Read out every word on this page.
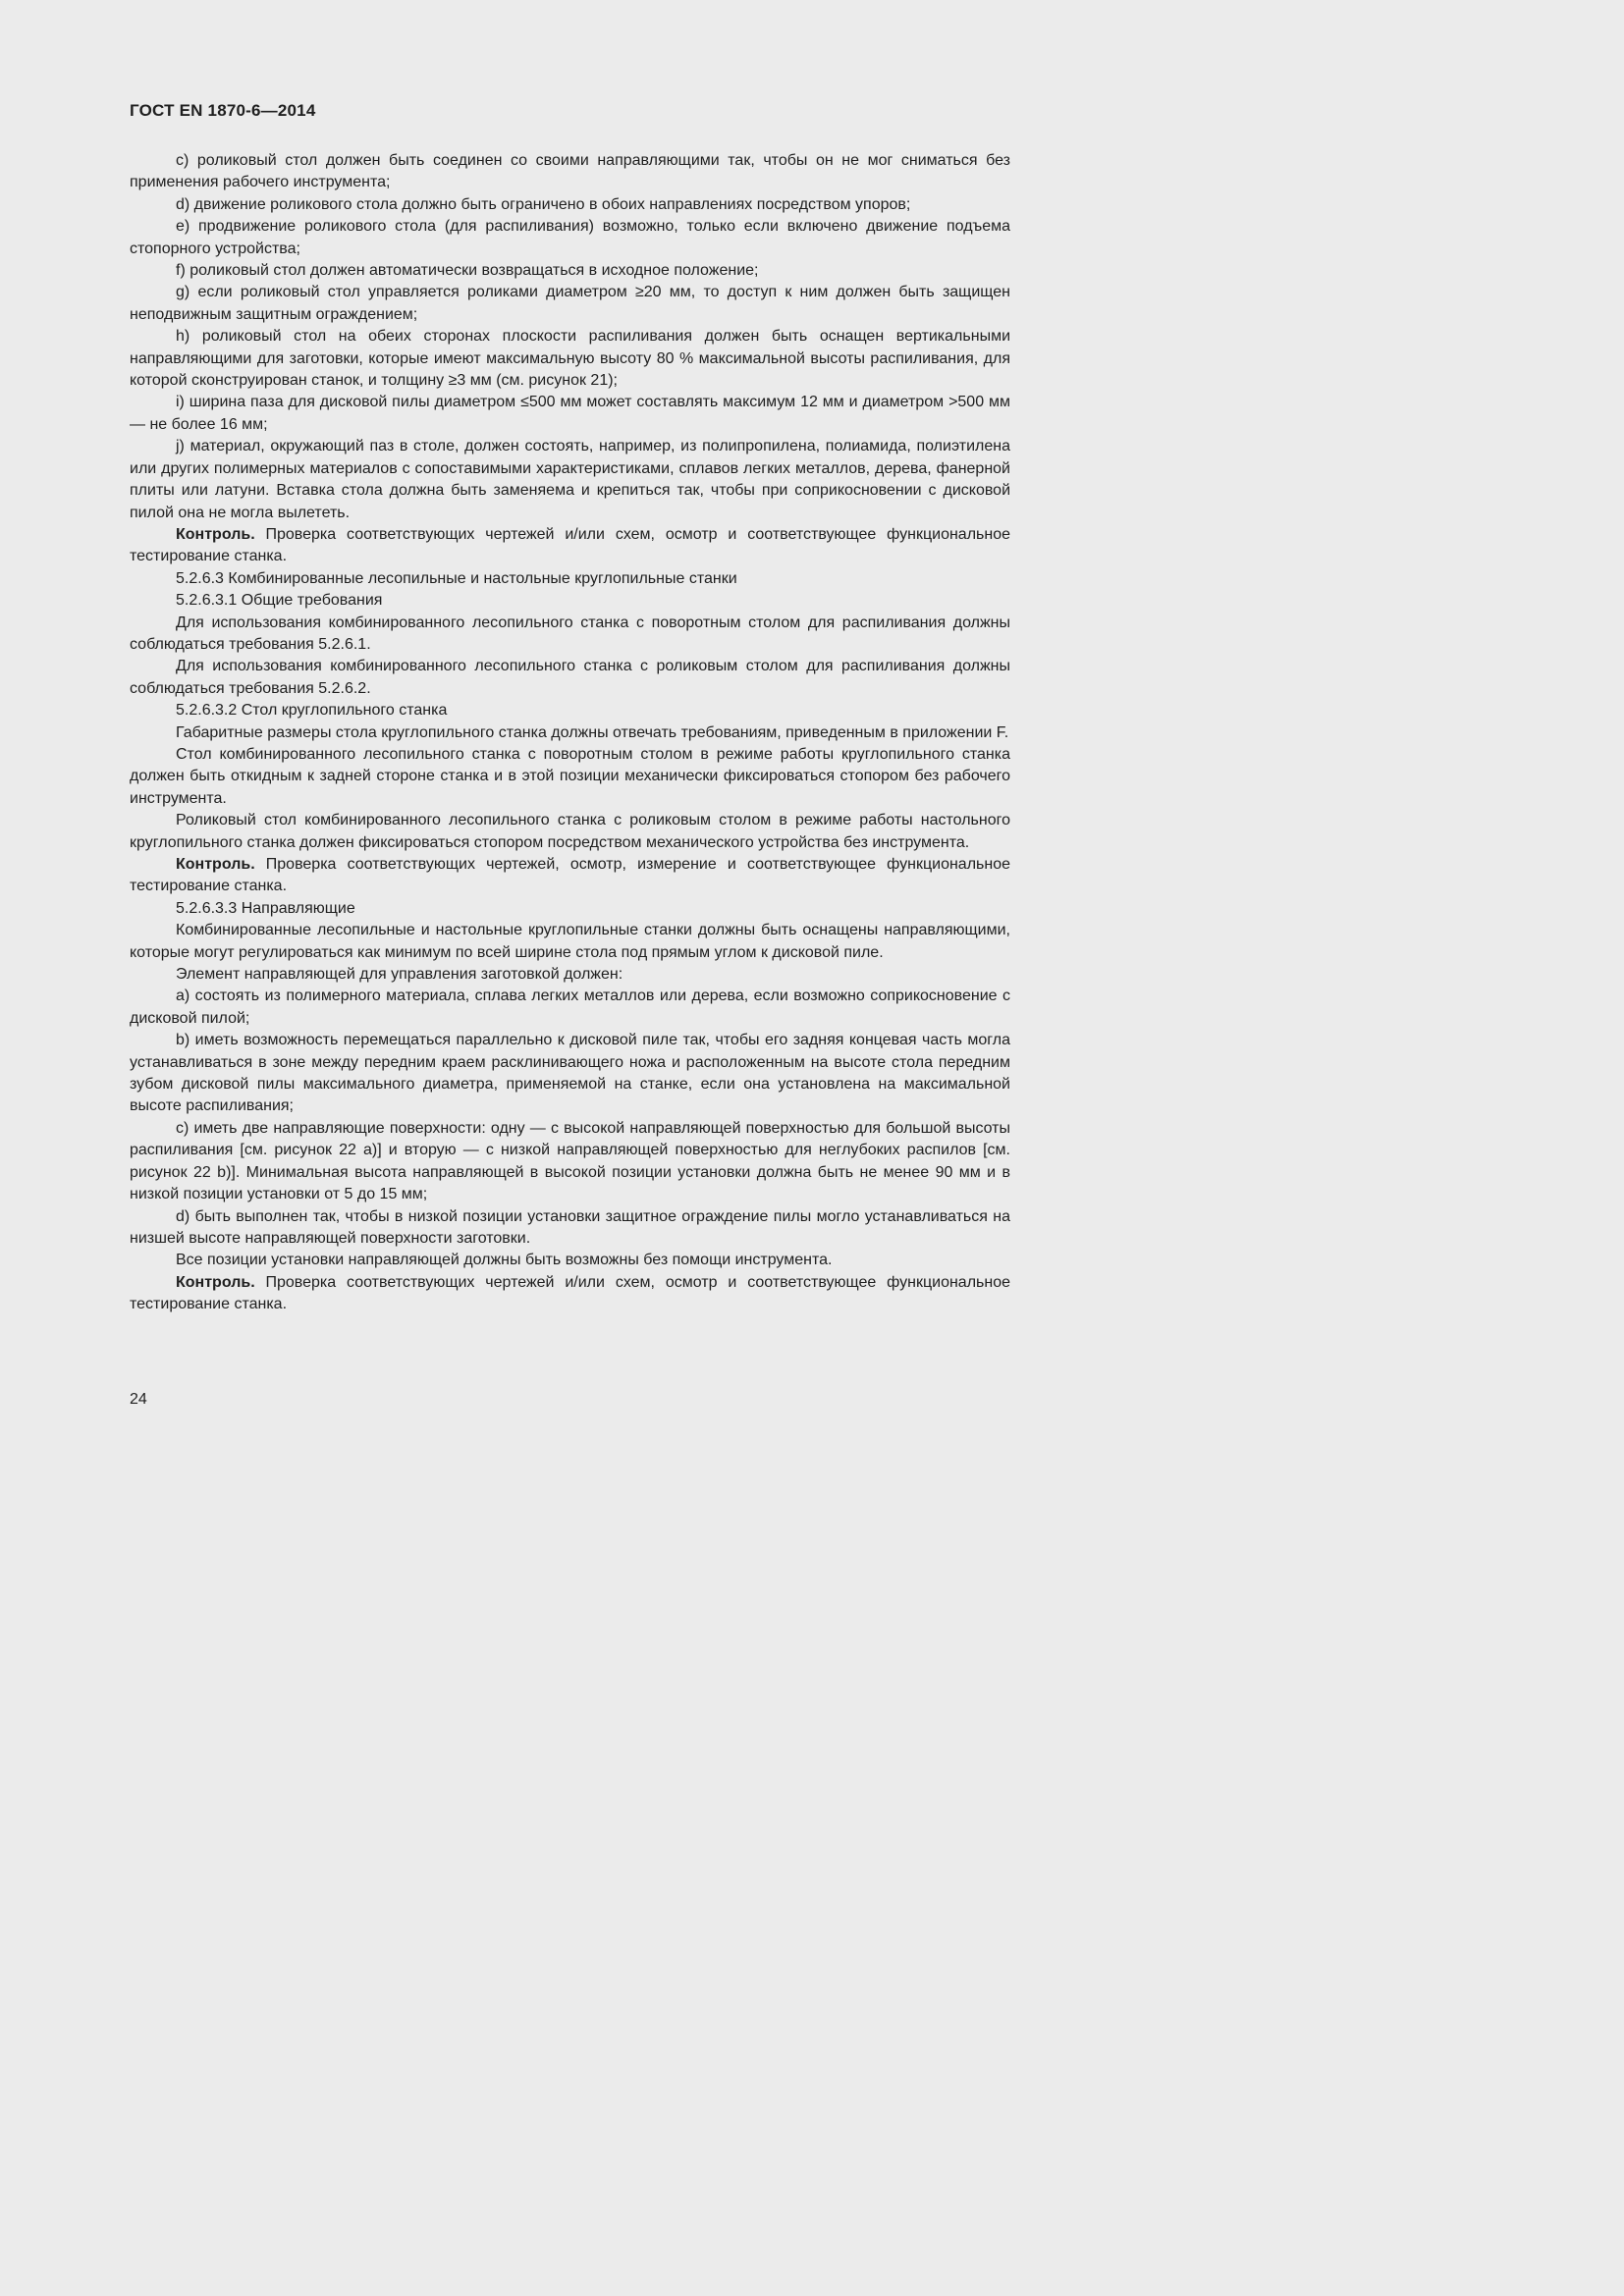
ГОСТ EN 1870-6—2014

c) роликовый стол должен быть соединен со своими направляющими так, чтобы он не мог сниматься без применения рабочего инструмента;

d) движение роликового стола должно быть ограничено в обоих направлениях посредством упоров;

e) продвижение роликового стола (для распиливания) возможно, только если включено движение подъема стопорного устройства;

f) роликовый стол должен автоматически возвращаться в исходное положение;

g) если роликовый стол управляется роликами диаметром ≥20 мм, то доступ к ним должен быть защищен неподвижным защитным ограждением;

h) роликовый стол на обеих сторонах плоскости распиливания должен быть оснащен вертикальными направляющими для заготовки, которые имеют максимальную высоту 80 % максимальной высоты распиливания, для которой сконструирован станок, и толщину ≥3 мм (см. рисунок 21);

i) ширина паза для дисковой пилы диаметром ≤500 мм может составлять максимум 12 мм и диаметром >500 мм — не более 16 мм;

j) материал, окружающий паз в столе, должен состоять, например, из полипропилена, полиамида, полиэтилена или других полимерных материалов с сопоставимыми характеристиками, сплавов легких металлов, дерева, фанерной плиты или латуни. Вставка стола должна быть заменяема и крепиться так, чтобы при соприкосновении с дисковой пилой она не могла вылететь.

Контроль. Проверка соответствующих чертежей и/или схем, осмотр и соответствующее функциональное тестирование станка.

5.2.6.3 Комбинированные лесопильные и настольные круглопильные станки

5.2.6.3.1 Общие требования

Для использования комбинированного лесопильного станка с поворотным столом для распиливания должны соблюдаться требования 5.2.6.1.

Для использования комбинированного лесопильного станка с роликовым столом для распиливания должны соблюдаться требования 5.2.6.2.

5.2.6.3.2 Стол круглопильного станка

Габаритные размеры стола круглопильного станка должны отвечать требованиям, приведенным в приложении F.

Стол комбинированного лесопильного станка с поворотным столом в режиме работы круглопильного станка должен быть откидным к задней стороне станка и в этой позиции механически фиксироваться стопором без рабочего инструмента.

Роликовый стол комбинированного лесопильного станка с роликовым столом в режиме работы настольного круглопильного станка должен фиксироваться стопором посредством механического устройства без инструмента.

Контроль. Проверка соответствующих чертежей, осмотр, измерение и соответствующее функциональное тестирование станка.

5.2.6.3.3 Направляющие

Комбинированные лесопильные и настольные круглопильные станки должны быть оснащены направляющими, которые могут регулироваться как минимум по всей ширине стола под прямым углом к дисковой пиле.

Элемент направляющей для управления заготовкой должен:

a) состоять из полимерного материала, сплава легких металлов или дерева, если возможно соприкосновение с дисковой пилой;

b) иметь возможность перемещаться параллельно к дисковой пиле так, чтобы его задняя концевая часть могла устанавливаться в зоне между передним краем расклинивающего ножа и расположенным на высоте стола передним зубом дисковой пилы максимального диаметра, применяемой на станке, если она установлена на максимальной высоте распиливания;

c) иметь две направляющие поверхности: одну — с высокой направляющей поверхностью для большой высоты распиливания [см. рисунок 22 a)] и вторую — с низкой направляющей поверхностью для неглубоких распилов [см. рисунок 22 b)]. Минимальная высота направляющей в высокой позиции установки должна быть не менее 90 мм и в низкой позиции установки от 5 до 15 мм;

d) быть выполнен так, чтобы в низкой позиции установки защитное ограждение пилы могло устанавливаться на низшей высоте направляющей поверхности заготовки.

Все позиции установки направляющей должны быть возможны без помощи инструмента.

Контроль. Проверка соответствующих чертежей и/или схем, осмотр и соответствующее функциональное тестирование станка.

24
